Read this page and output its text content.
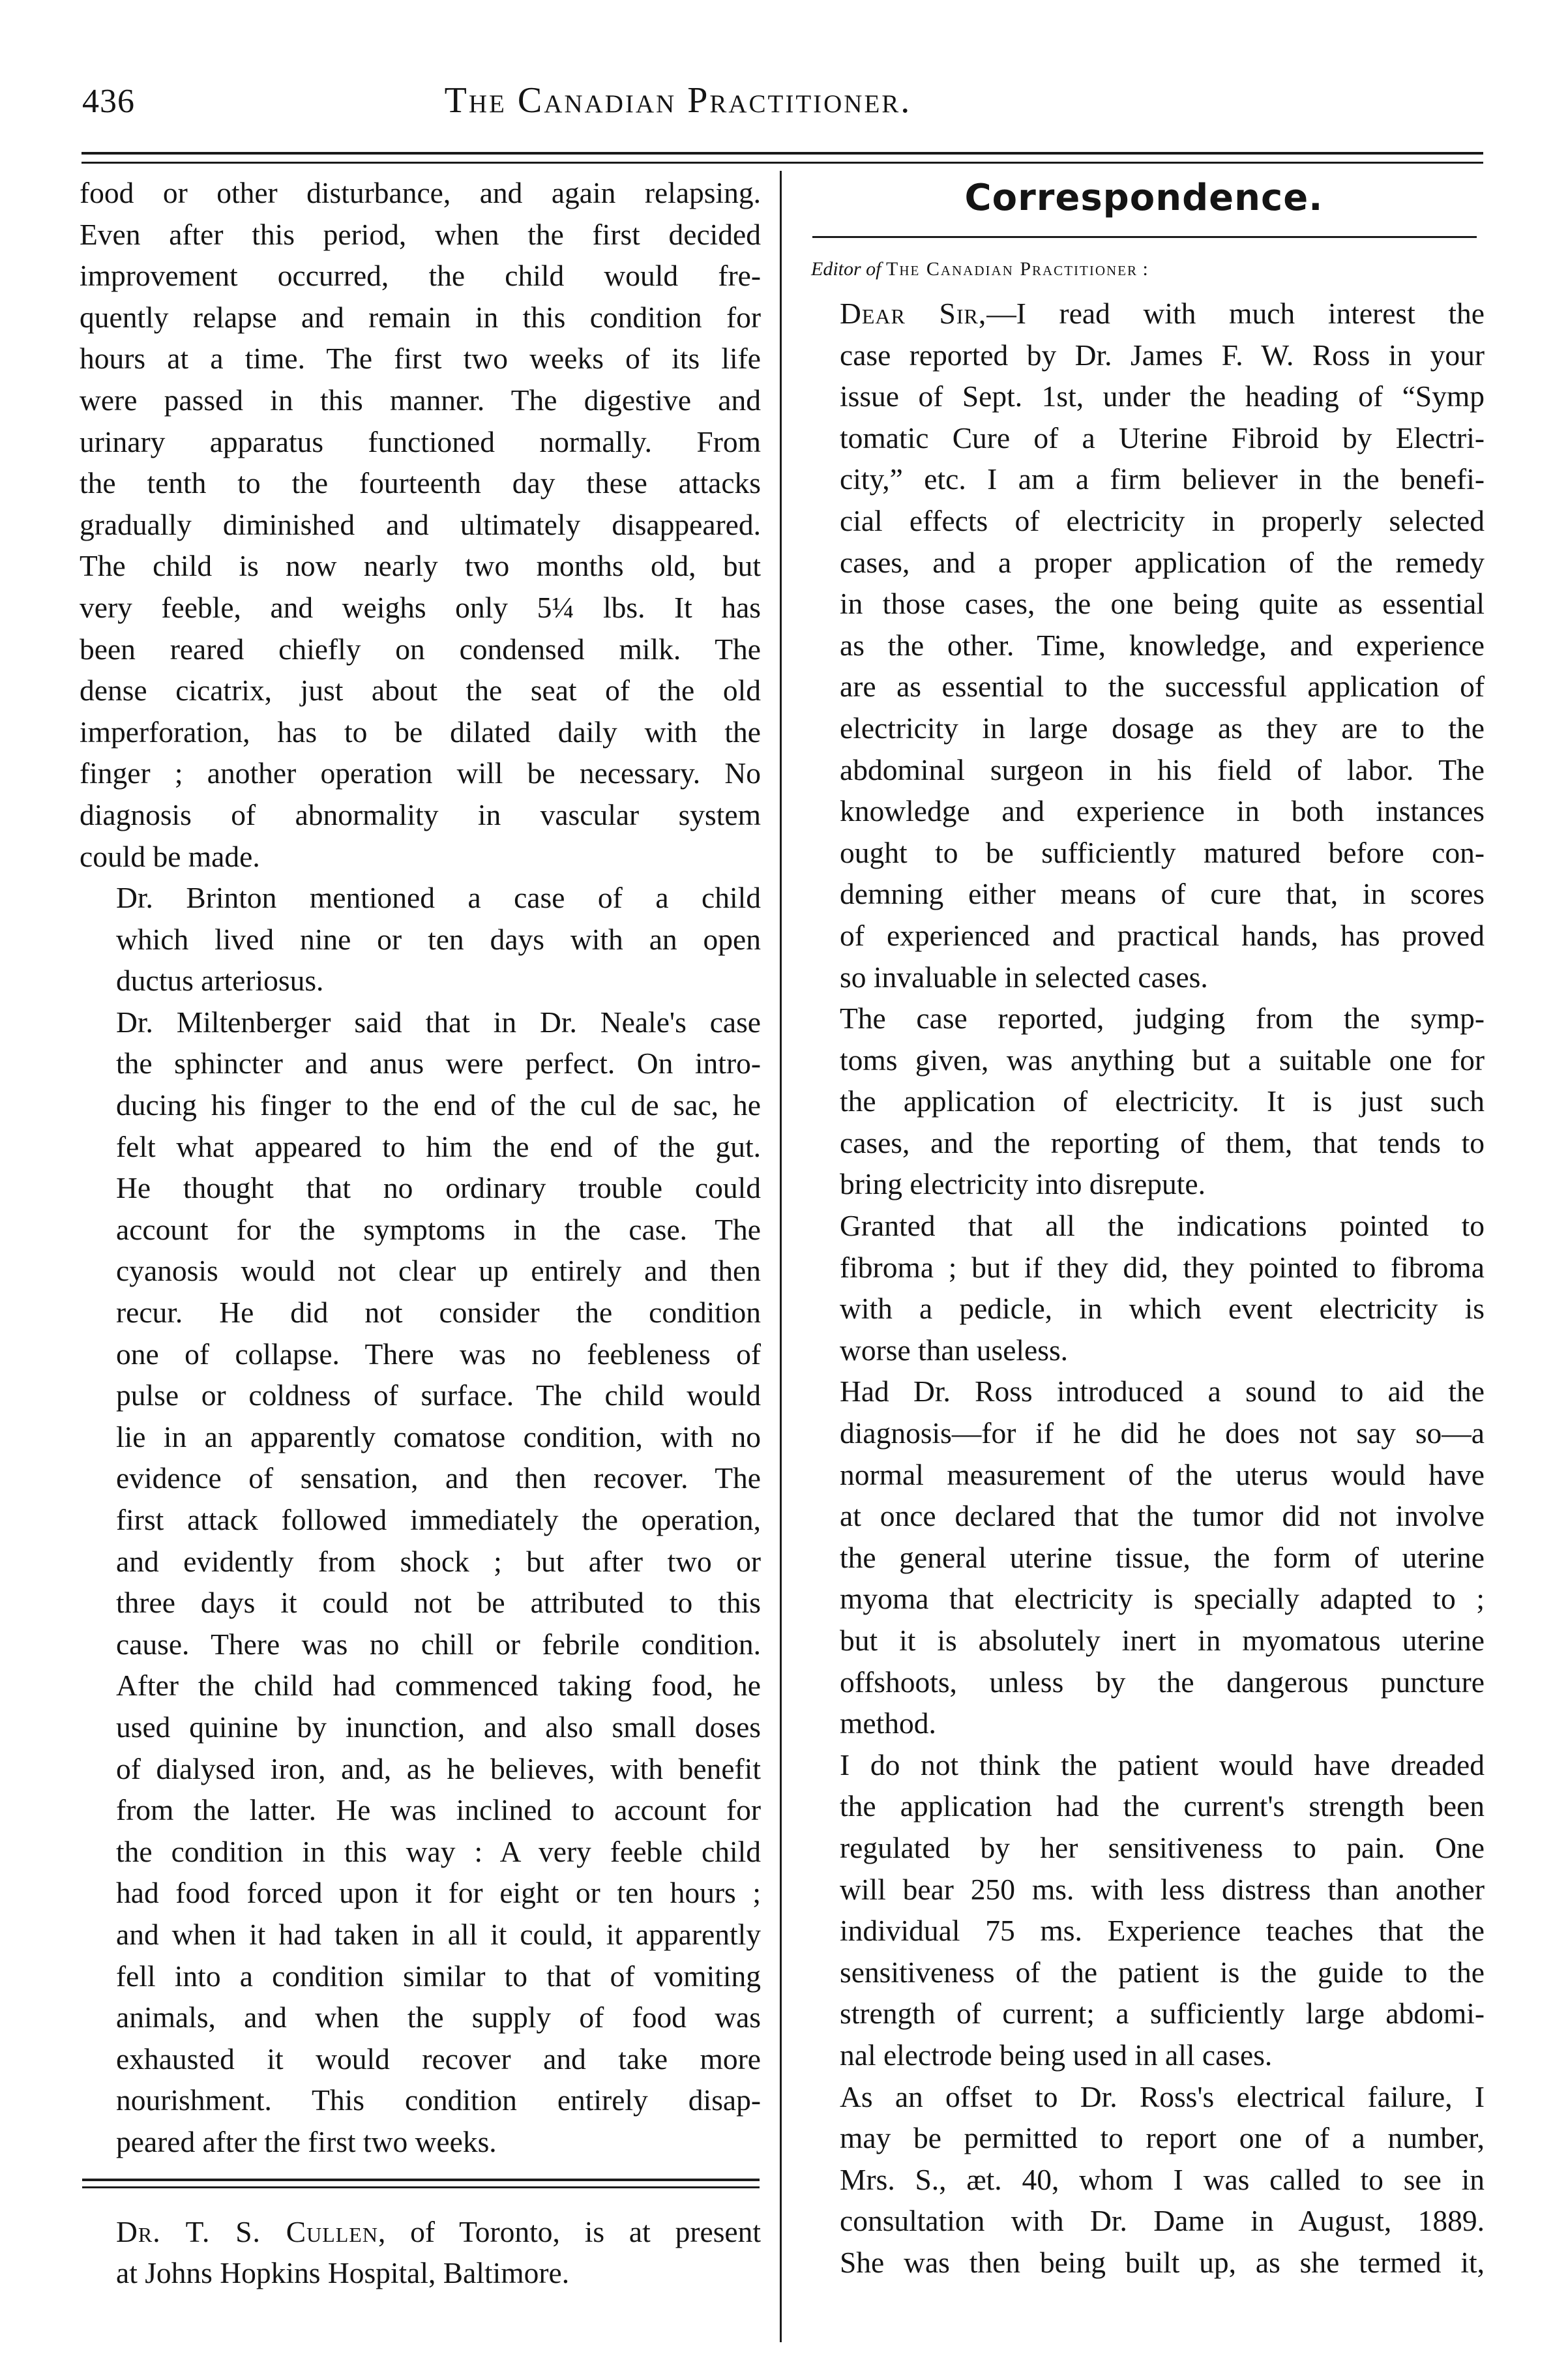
436	The Canadian Practitioner.

food or other disturbance, and again relapsing.
Even after this period, when the first decided
improvement occurred, the child would fre-
quently relapse and remain in this condition for
hours at a time. The first two weeks of its life
were passed in this manner. The digestive and
urinary apparatus functioned normally. From
the tenth to the fourteenth day these attacks
gradually diminished and ultimately disappeared.
The child is now nearly two months old, but
very feeble, and weighs only 5¼ lbs. It has
been reared chiefly on condensed milk. The
dense cicatrix, just about the seat of the old
imperforation, has to be dilated daily with the
finger ; another operation will be necessary. No
diagnosis of abnormality in vascular system
could be made.

Dr. Brinton mentioned a case of a child
which lived nine or ten days with an open
ductus arteriosus.

Dr. Miltenberger said that in Dr. Neale's case
the sphincter and anus were perfect. On intro-
ducing his finger to the end of the cul de sac, he
felt what appeared to him the end of the gut.
He thought that no ordinary trouble could
account for the symptoms in the case. The
cyanosis would not clear up entirely and then
recur. He did not consider the condition
one of collapse. There was no feebleness of
pulse or coldness of surface. The child would
lie in an apparently comatose condition, with no
evidence of sensation, and then recover. The
first attack followed immediately the operation,
and evidently from shock ; but after two or
three days it could not be attributed to this
cause. There was no chill or febrile condition.
After the child had commenced taking food, he
used quinine by inunction, and also small doses
of dialysed iron, and, as he believes, with benefit
from the latter. He was inclined to account for
the condition in this way : A very feeble child
had food forced upon it for eight or ten hours ;
and when it had taken in all it could, it apparently
fell into a condition similar to that of vomiting
animals, and when the supply of food was
exhausted it would recover and take more
nourishment. This condition entirely disap-
peared after the first two weeks.

Dr. T. S. Cullen, of Toronto, is at present
at Johns Hopkins Hospital, Baltimore.

Correspondence.
Editor of The Canadian Practitioner :

Dear Sir,—I read with much interest the
case reported by Dr. James F. W. Ross in your
issue of Sept. 1st, under the heading of “Symp
tomatic Cure of a Uterine Fibroid by Electri-
city,” etc. I am a firm believer in the benefi-
cial effects of electricity in properly selected
cases, and a proper application of the remedy
in those cases, the one being quite as essential
as the other. Time, knowledge, and experience
are as essential to the successful application of
electricity in large dosage as they are to the
abdominal surgeon in his field of labor. The
knowledge and experience in both instances
ought to be sufficiently matured before con-
demning either means of cure that, in scores
of experienced and practical hands, has proved
so invaluable in selected cases.

The case reported, judging from the symp-
toms given, was anything but a suitable one for
the application of electricity. It is just such
cases, and the reporting of them, that tends to
bring electricity into disrepute.

Granted that all the indications pointed to
fibroma ; but if they did, they pointed to fibroma
with a pedicle, in which event electricity is
worse than useless.

Had Dr. Ross introduced a sound to aid the
diagnosis—for if he did he does not say so—a
normal measurement of the uterus would have
at once declared that the tumor did not involve
the general uterine tissue, the form of uterine
myoma that electricity is specially adapted to ;
but it is absolutely inert in myomatous uterine
offshoots, unless by the dangerous puncture
method.

I do not think the patient would have dreaded
the application had the current's strength been
regulated by her sensitiveness to pain. One
will bear 250 ms. with less distress than another
individual 75 ms. Experience teaches that the
sensitiveness of the patient is the guide to the
strength of current; a sufficiently large abdomi-
nal electrode being used in all cases.

As an offset to Dr. Ross's electrical failure, I
may be permitted to report one of a number,
Mrs. S., æt. 40, whom I was called to see in
consultation with Dr. Dame in August, 1889.
She was then being built up, as she termed it,
